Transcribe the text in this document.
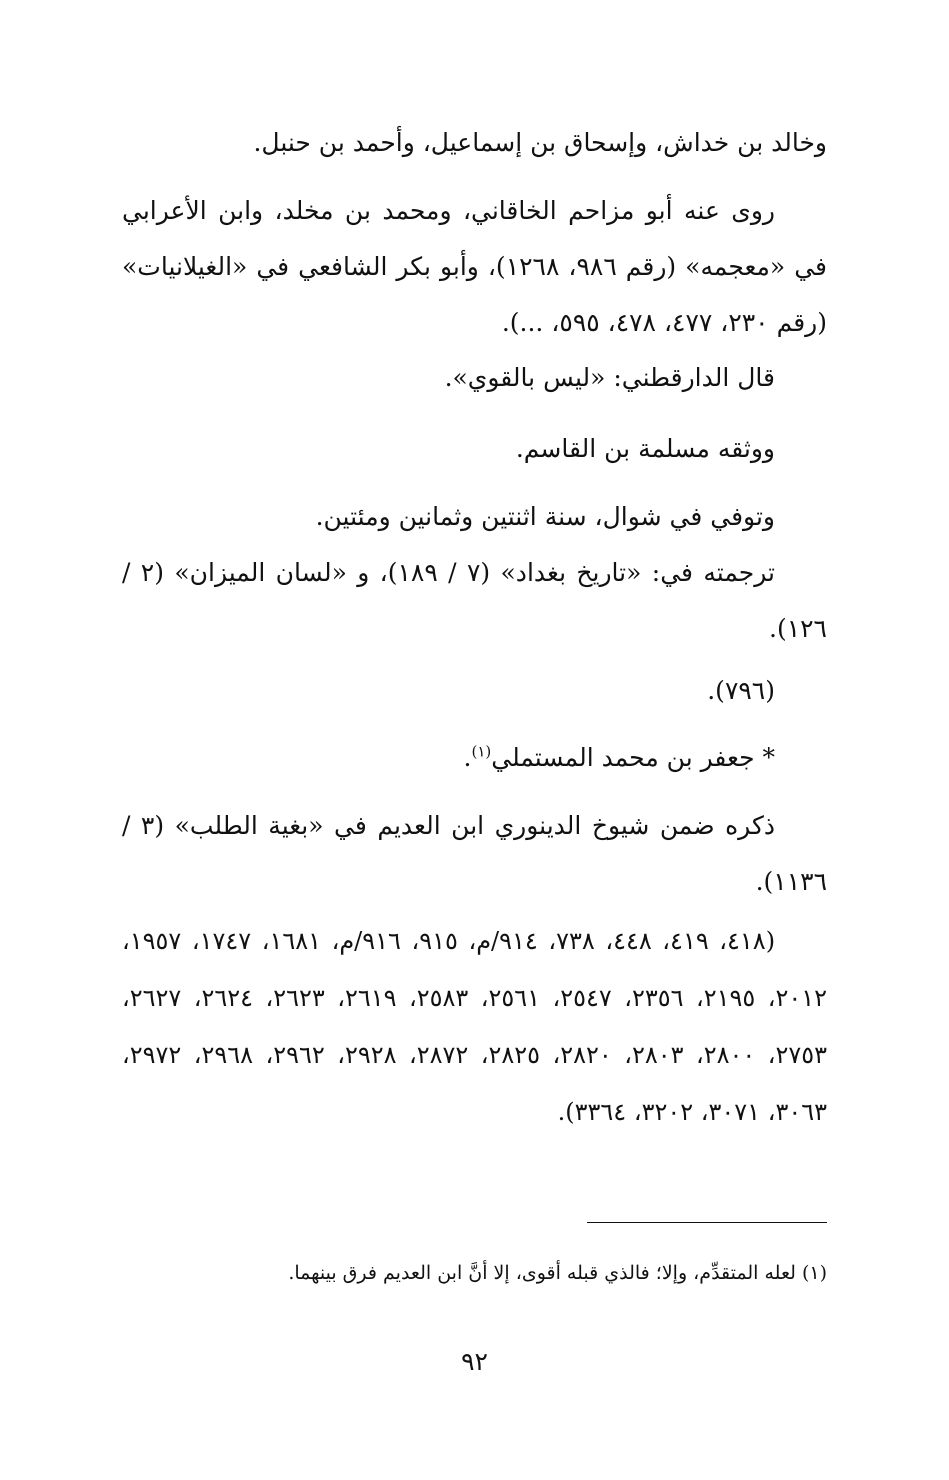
وخالد بن خداش، وإسحاق بن إسماعيل، وأحمد بن حنبل.
روى عنه أبو مزاحم الخاقاني، ومحمد بن مخلد، وابن الأعرابي في «معجمه» (رقم ٩٨٦، ١٢٦٨)، وأبو بكر الشافعي في «الغيلانيات» (رقم ٢٣٠، ٤٧٧، ٤٧٨، ٥٩٥، ...).
قال الدارقطني: «ليس بالقوي».
ووثقه مسلمة بن القاسم.
وتوفي في شوال، سنة اثنتين وثمانين ومئتين.
ترجمته في: «تاريخ بغداد» (٧ / ١٨٩)، و «لسان الميزان» (٢ / ١٢٦).
(٧٩٦).
* جعفر بن محمد المستملي$^{(١)}$.
ذكره ضمن شيوخ الدينوري ابن العديم في «بغية الطلب» (٣ / ١١٣٦).
(٤١٨، ٤١٩، ٤٤٨، ٧٣٨، ٩١٤/م، ٩١٥، ٩١٦/م، ١٦٨١، ١٧٤٧، ١٩٥٧، ٢٠١٢، ٢١٩٥، ٢٣٥٦، ٢٥٤٧، ٢٥٦١، ٢٥٨٣، ٢٦١٩، ٢٦٢٣، ٢٦٢٤، ٢٦٢٧، ٢٧٥٣، ٢٨٠٠، ٢٨٠٣، ٢٨٢٠، ٢٨٢٥، ٢٨٧٢، ٢٩٢٨، ٢٩٦٢، ٢٩٦٨، ٢٩٧٢، ٣٠٦٣، ٣٠٧١، ٣٢٠٢، ٣٣٦٤).
(١) لعله المتقدِّم، وإلا؛ فالذي قبله أقوى، إلا أنَّ ابن العديم فرق بينهما.
٩٢
